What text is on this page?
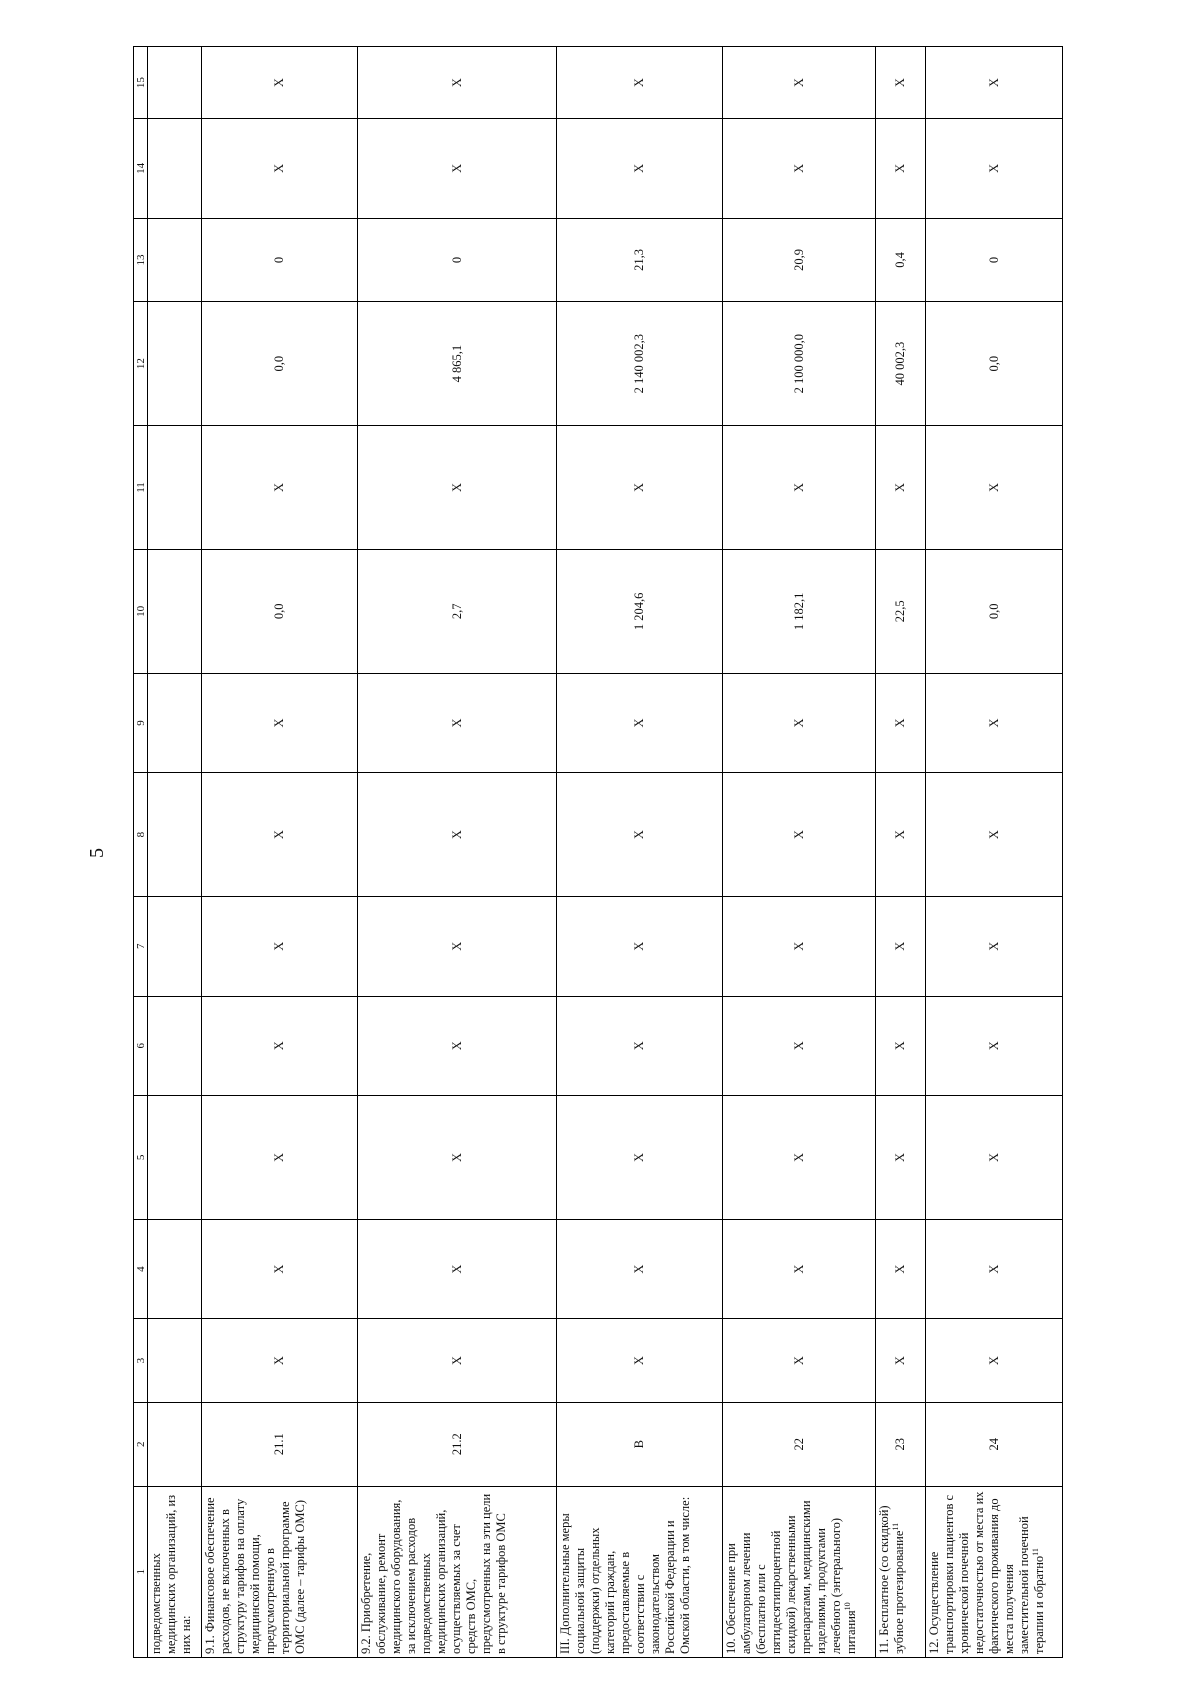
5
1	2	3	4	5	6	7	8	9	10	11	12	13	14	15
подведомственных медицинских организаций, из них на:														
9.1. Финансовое обеспечение расходов, не включенных в структуру тарифов на оплату медицинской помощи, предусмотренную в территориальной программе ОМС (далее – тарифы ОМС)	21.1	Х	Х	Х	Х	Х	Х	Х	0,0	Х	0,0	0	Х	Х
9.2. Приобретение, обслуживание, ремонт медицинского оборудования, за исключением расходов подведомственных медицинских организаций, осуществляемых за счет средств ОМС, предусмотренных на эти цели в структуре тарифов ОМС	21.2	Х	Х	Х	Х	Х	Х	Х	2,7	Х	4 865,1	0	Х	Х
III. Дополнительные меры социальной защиты (поддержки) отдельных категорий граждан, предоставляемые в соответствии с законодательством Российской Федерации и Омской области, в том числе:	В	Х	Х	Х	Х	Х	Х	Х	1 204,6	Х	2 140 002,3	21,3	Х	Х
10. Обеспечение при амбулаторном лечении (бесплатно или с пятидесятипроцентной скидкой) лекарственными препаратами, медицинскими изделиями, продуктами лечебного (энтерального) питания$^{10}$	22	Х	Х	Х	Х	Х	Х	Х	1 182,1	Х	2 100 000,0	20,9	Х	Х
11. Бесплатное (со скидкой) зубное протезирование$^{11}$	23	Х	Х	Х	Х	Х	Х	Х	22,5	Х	40 002,3	0,4	Х	Х
12. Осуществление транспортировки пациентов с хронической почечной недостаточностью от места их фактического проживания до места получения заместительной почечной терапии и обратно$^{11}$	24	Х	Х	Х	Х	Х	Х	Х	0,0	Х	0,0	0	Х	Х
